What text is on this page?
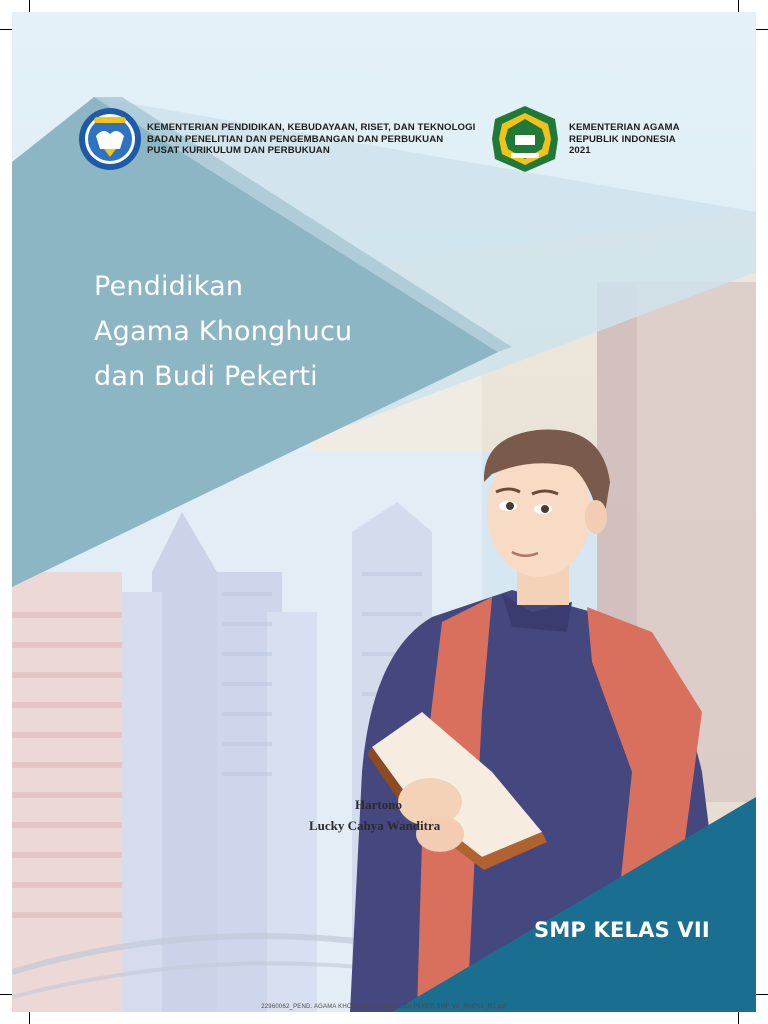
KEMENTERIAN PENDIDIKAN, KEBUDAYAAN, RISET, DAN TEKNOLOGI
BADAN PENELITIAN DAN PENGEMBANGAN DAN PERBUKUAN
PUSAT KURIKULUM DAN PERBUKUAN
KEMENTERIAN AGAMA
REPUBLIK INDONESIA
2021
Pendidikan
Agama Khonghucu
dan Budi Pekerti
Hartono
Lucky Cahya Wanditra
SMP KELAS VII
22960062_PEND. AGAMA KHONGHUCU DAN BUDI PEKER.SMP VII_RMP01_R1.pdf
